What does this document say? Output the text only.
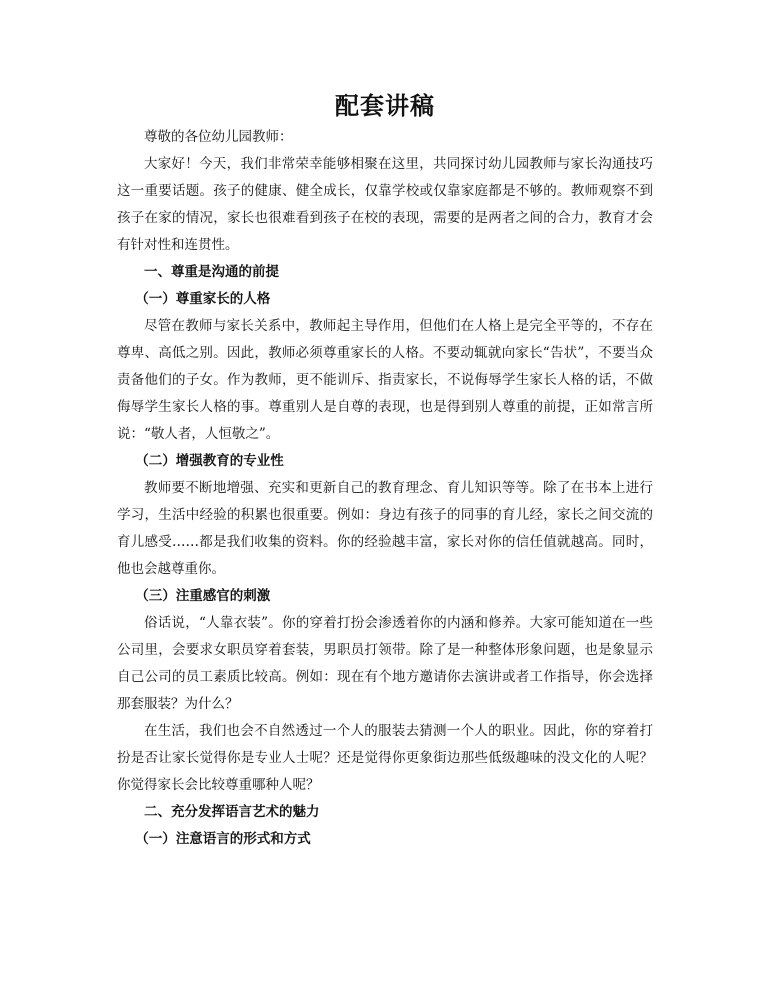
配套讲稿

尊敬的各位幼儿园教师：

大家好！今天，我们非常荣幸能够相聚在这里，共同探讨幼儿园教师与家长沟通技巧这一重要话题。孩子的健康、健全成长，仅靠学校或仅靠家庭都是不够的。教师观察不到孩子在家的情况，家长也很难看到孩子在校的表现，需要的是两者之间的合力，教育才会有针对性和连贯性。

一、尊重是沟通的前提

（一）尊重家长的人格

尽管在教师与家长关系中，教师起主导作用，但他们在人格上是完全平等的，不存在尊卑、高低之别。因此，教师必须尊重家长的人格。不要动辄就向家长“告状”，不要当众责备他们的子女。作为教师，更不能训斥、指责家长，不说侮辱学生家长人格的话，不做侮辱学生家长人格的事。尊重别人是自尊的表现，也是得到别人尊重的前提，正如常言所说：“敬人者，人恒敬之”。

（二）增强教育的专业性

教师要不断地增强、充实和更新自己的教育理念、育儿知识等等。除了在书本上进行学习，生活中经验的积累也很重要。例如：身边有孩子的同事的育儿经，家长之间交流的育儿感受……都是我们收集的资料。你的经验越丰富，家长对你的信任值就越高。同时，他也会越尊重你。

（三）注重感官的刺激

俗话说，“人靠衣装”。你的穿着打扮会渗透着你的内涵和修养。大家可能知道在一些公司里，会要求女职员穿着套装，男职员打领带。除了是一种整体形象问题，也是象显示自己公司的员工素质比较高。例如：现在有个地方邀请你去演讲或者工作指导，你会选择那套服装？为什么？

在生活，我们也会不自然透过一个人的服装去猜测一个人的职业。因此，你的穿着打扮是否让家长觉得你是专业人士呢？还是觉得你更象街边那些低级趣味的没文化的人呢？你觉得家长会比较尊重哪种人呢？

二、充分发挥语言艺术的魅力

（一）注意语言的形式和方式
